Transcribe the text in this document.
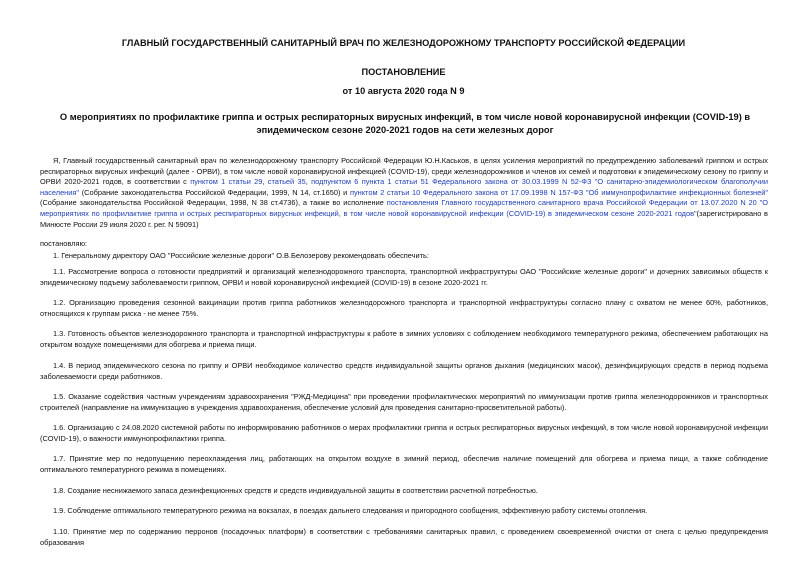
ГЛАВНЫЙ ГОСУДАРСТВЕННЫЙ САНИТАРНЫЙ ВРАЧ ПО ЖЕЛЕЗНОДОРОЖНОМУ ТРАНСПОРТУ РОССИЙСКОЙ ФЕДЕРАЦИИ
ПОСТАНОВЛЕНИЕ
от 10 августа 2020 года N 9
О мероприятиях по профилактике гриппа и острых респираторных вирусных инфекций, в том числе новой коронавирусной инфекции (COVID-19) в эпидемическом сезоне 2020-2021 годов на сети железных дорог
Я, Главный государственный санитарный врач по железнодорожному транспорту Российской Федерации Ю.Н.Каськов, в целях усиления мероприятий по предупреждению заболеваний гриппом и острых респираторных вирусных инфекций (далее - ОРВИ), в том числе новой коронавирусной инфекцией (COVID-19), среди железнодорожников и членов их семей и подготовки к эпидемическому сезону по гриппу и ОРВИ 2020-2021 годов, в соответствии с пунктом 1 статьи 29, статьей 35, подпунктом 6 пункта 1 статьи 51 Федерального закона от 30.03.1999 N 52-ФЗ "О санитарно-эпидемиологическом благополучии населения" (Собрание законодательства Российской Федерации, 1999, N 14, ст.1650) и пунктом 2 статьи 10 Федерального закона от 17.09.1998 N 157-ФЗ "Об иммунопрофилактике инфекционных болезней" (Собрание законодательства Российской Федерации, 1998, N 38 ст.4736), а также во исполнение постановления Главного государственного санитарного врача Российской Федерации от 13.07.2020 N 20 "О мероприятиях по профилактике гриппа и острых респираторных вирусных инфекций, в том числе новой коронавирусной инфекции (COVID-19) в эпидемическом сезоне 2020-2021 годов"(зарегистрировано в Минюсте России 29 июля 2020 г. рег. N 59091)
постановляю:
1. Генеральному директору ОАО "Российские железные дороги" О.В.Белозерову рекомендовать обеспечить:
1.1. Рассмотрение вопроса о готовности предприятий и организаций железнодорожного транспорта, транспортной инфраструктуры ОАО "Российские железные дороги" и дочерних зависимых обществ к эпидемическому подъему заболеваемости гриппом, ОРВИ и новой коронавирусной инфекцией (COVID-19) в сезоне 2020-2021 гг.
1.2. Организацию проведения сезонной вакцинации против гриппа работников железнодорожного транспорта и транспортной инфраструктуры согласно плану с охватом не менее 60%, работников, относящихся к группам риска - не менее 75%.
1.3. Готовность объектов железнодорожного транспорта и транспортной инфраструктуры к работе в зимних условиях с соблюдением необходимого температурного режима, обеспечением работающих на открытом воздухе помещениями для обогрева и приема пищи.
1.4. В период эпидемического сезона по гриппу и ОРВИ необходимое количество средств индивидуальной защиты органов дыхания (медицинских масок), дезинфицирующих средств в период подъема заболеваемости среди работников.
1.5. Оказание содействия частным учреждениям здравоохранения "РЖД-Медицина" при проведении профилактических мероприятий по иммунизации против гриппа железнодорожников и транспортных строителей (направление на иммунизацию в учреждения здравоохранения, обеспечение условий для проведения санитарно-просветительной работы).
1.6. Организацию с 24.08.2020 системной работы по информированию работников о мерах профилактики гриппа и острых респираторных вирусных инфекций, в том числе новой коронавирусной инфекции (COVID-19), о важности иммунопрофилактики гриппа.
1.7. Принятие мер по недопущению переохлаждения лиц, работающих на открытом воздухе в зимний период, обеспечив наличие помещений для обогрева и приема пищи, а также соблюдение оптимального температурного режима в помещениях.
1.8. Создание неснижаемого запаса дезинфекционных средств и средств индивидуальной защиты в соответствии расчетной потребностью.
1.9. Соблюдение оптимального температурного режима на вокзалах, в поездах дальнего следования и пригородного сообщения, эффективную работу системы отопления.
1.10. Принятие мер по содержанию перронов (посадочных платформ) в соответствии с требованиями санитарных правил, с проведением своевременной очистки от снега с целью предупреждения образования
